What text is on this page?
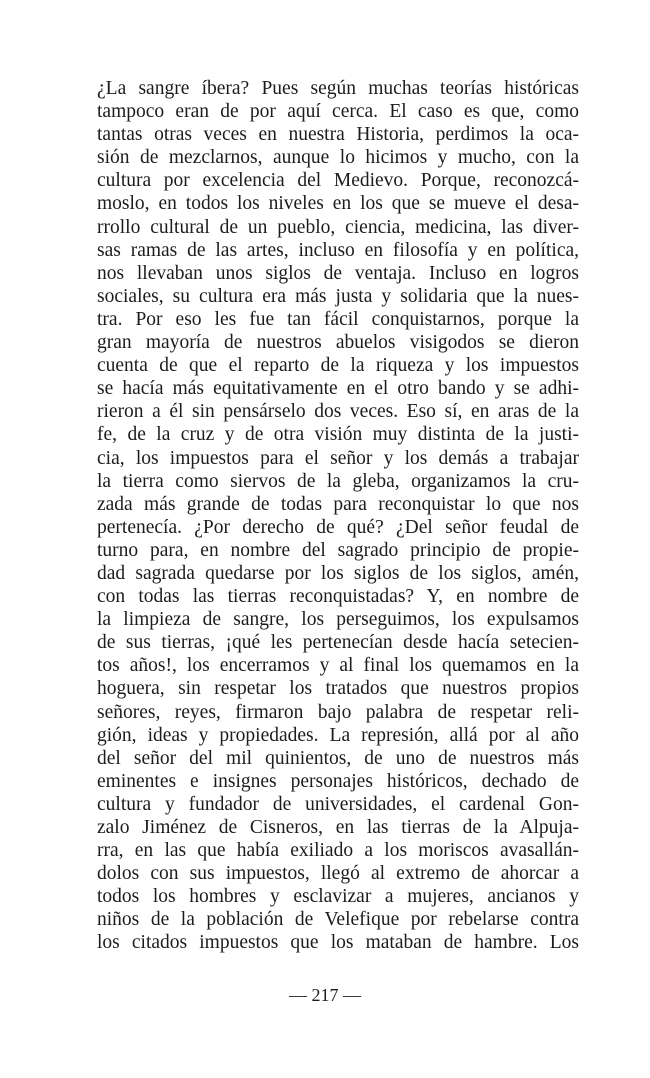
¿La sangre íbera? Pues según muchas teorías históricas
tampoco eran de por aquí cerca. El caso es que, como
tantas otras veces en nuestra Historia, perdimos la oca-
sión de mezclarnos, aunque lo hicimos y mucho, con la
cultura por excelencia del Medievo. Porque, reconozcá-
moslo, en todos los niveles en los que se mueve el desa-
rrollo cultural de un pueblo, ciencia, medicina, las diver-
sas ramas de las artes, incluso en filosofía y en política,
nos llevaban unos siglos de ventaja. Incluso en logros
sociales, su cultura era más justa y solidaria que la nues-
tra. Por eso les fue tan fácil conquistarnos, porque la
gran mayoría de nuestros abuelos visigodos se dieron
cuenta de que el reparto de la riqueza y los impuestos
se hacía más equitativamente en el otro bando y se adhi-
rieron a él sin pensárselo dos veces. Eso sí, en aras de la
fe, de la cruz y de otra visión muy distinta de la justi-
cia, los impuestos para el señor y los demás a trabajar
la tierra como siervos de la gleba, organizamos la cru-
zada más grande de todas para reconquistar lo que nos
pertenecía. ¿Por derecho de qué? ¿Del señor feudal de
turno para, en nombre del sagrado principio de propie-
dad sagrada quedarse por los siglos de los siglos, amén,
con todas las tierras reconquistadas? Y, en nombre de
la limpieza de sangre, los perseguimos, los expulsamos
de sus tierras, ¡qué les pertenecían desde hacía setecien-
tos años!, los encerramos y al final los quemamos en la
hoguera, sin respetar los tratados que nuestros propios
señores, reyes, firmaron bajo palabra de respetar reli-
gión, ideas y propiedades. La represión, allá por al año
del señor del mil quinientos, de uno de nuestros más
eminentes e insignes personajes históricos, dechado de
cultura y fundador de universidades, el cardenal Gon-
zalo Jiménez de Cisneros, en las tierras de la Alpuja-
rra, en las que había exiliado a los moriscos avasallán-
dolos con sus impuestos, llegó al extremo de ahorcar a
todos los hombres y esclavizar a mujeres, ancianos y
niños de la población de Velefique por rebelarse contra
los citados impuestos que los mataban de hambre. Los
— 217 —
